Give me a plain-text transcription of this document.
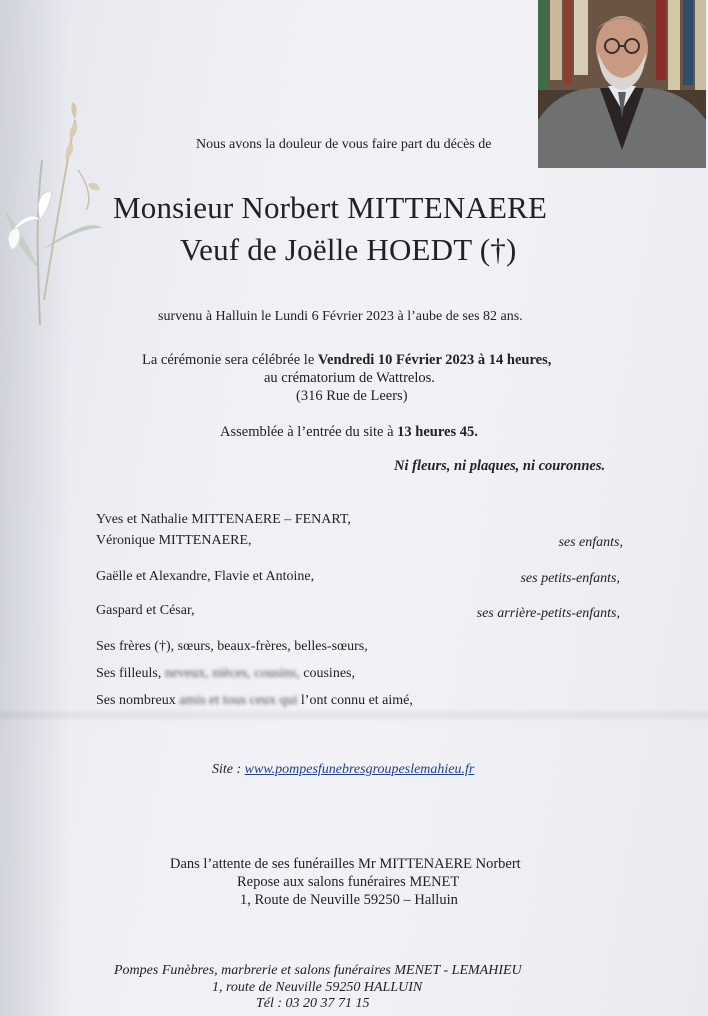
Nous avons la douleur de vous faire part du décès de
Monsieur Norbert MITTENAERE
Veuf de Joëlle HOEDT (†)
survenu à Halluin le Lundi 6 Février 2023 à l’aube de ses 82 ans.
La cérémonie sera célébrée le Vendredi 10 Février 2023 à 14 heures,
au crématorium de Wattrelos.
(316 Rue de Leers)
Assemblée à l’entrée du site à 13 heures 45.
Ni fleurs, ni plaques, ni couronnes.
Yves et Nathalie MITTENAERE – FENART,
Véronique MITTENAERE,	ses enfants,
Gaëlle et Alexandre, Flavie et Antoine,	ses petits-enfants,
Gaspard et César,	ses arrière-petits-enfants,
Ses frères (†), sœurs, beaux-frères, belles-sœurs,
Ses filleuls, neveux, nièces, cousins, cousines,
Ses nombreux amis et tous ceux qui l’ont connu et aimé,
Site : www.pompesfunebresgroupeslemahieu.fr
Dans l’attente de ses funérailles Mr MITTENAERE Norbert
Repose aux salons funéraires MENET
1, Route de Neuville 59250 – Halluin
Pompes Funèbres, marbrerie et salons funéraires MENET - LEMAHIEU
1, route de Neuville 59250 HALLUIN
Tél : 03 20 37 71 15
